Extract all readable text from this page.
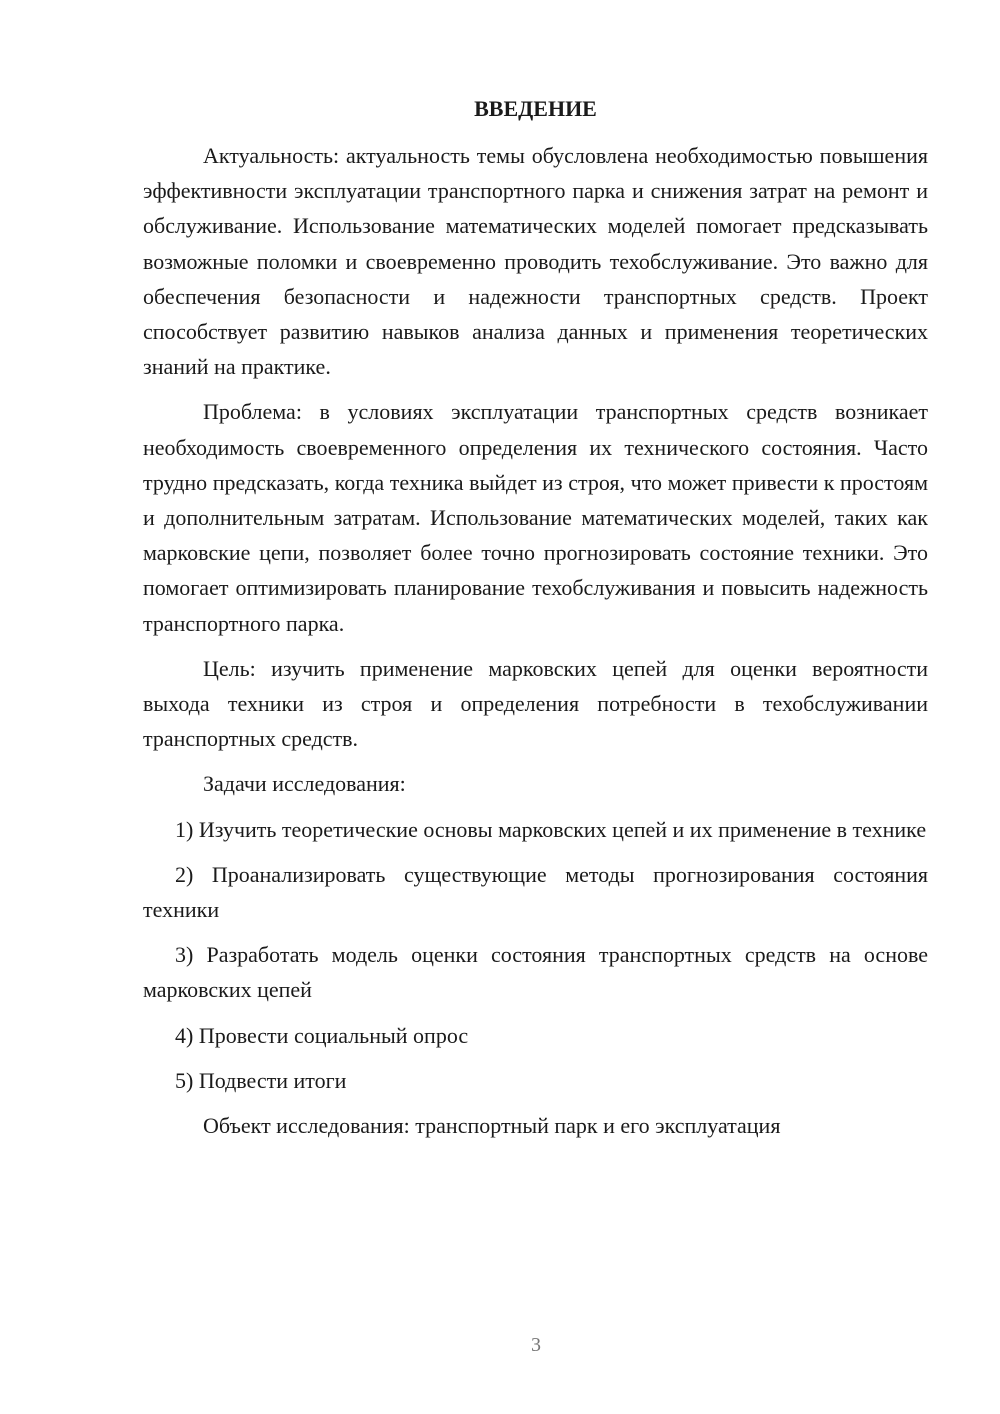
ВВЕДЕНИЕ

Актуальность: актуальность темы обусловлена необходимостью повышения эффективности эксплуатации транспортного парка и снижения затрат на ремонт и обслуживание. Использование математических моделей помогает предсказывать возможные поломки и своевременно проводить техобслуживание. Это важно для обеспечения безопасности и надежности транспортных средств. Проект способствует развитию навыков анализа данных и применения теоретических знаний на практике.

Проблема: в условиях эксплуатации транспортных средств возникает необходимость своевременного определения их технического состояния. Часто трудно предсказать, когда техника выйдет из строя, что может привести к простоям и дополнительным затратам. Использование математических моделей, таких как марковские цепи, позволяет более точно прогнозировать состояние техники. Это помогает оптимизировать планирование техобслуживания и повысить надежность транспортного парка.

Цель: изучить применение марковских цепей для оценки вероятности выхода техники из строя и определения потребности в техобслуживании транспортных средств.

Задачи исследования:

1) Изучить теоретические основы марковских цепей и их применение в технике

2) Проанализировать существующие методы прогнозирования состояния техники

3) Разработать модель оценки состояния транспортных средств на основе марковских цепей

4) Провести социальный опрос

5) Подвести итоги

Объект исследования: транспортный парк и его эксплуатация

3
